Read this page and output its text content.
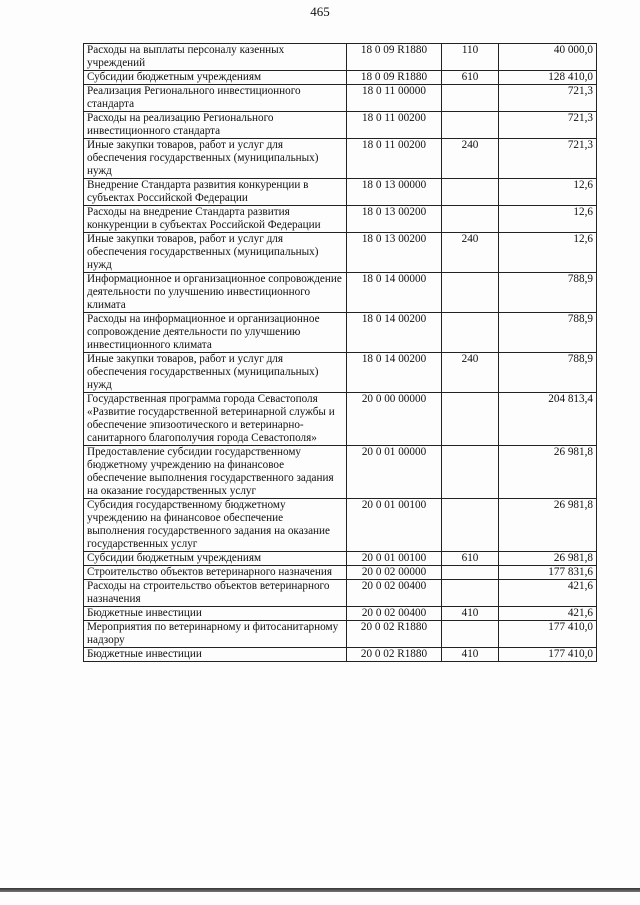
465
Расходы на выплаты персоналу казенных учреждений	18 0 09 R1880	110	40 000,0
Субсидии бюджетным учреждениям	18 0 09 R1880	610	128 410,0
Реализация Регионального инвестиционного стандарта	18 0 11 00000		721,3
Расходы на реализацию Регионального инвестиционного стандарта	18 0 11 00200		721,3
Иные закупки товаров, работ и услуг для обеспечения государственных (муниципальных) нужд	18 0 11 00200	240	721,3
Внедрение Стандарта развития конкуренции в субъектах Российской Федерации	18 0 13 00000		12,6
Расходы на внедрение Стандарта развития конкуренции в субъектах Российской Федерации	18 0 13 00200		12,6
Иные закупки товаров, работ и услуг для обеспечения государственных (муниципальных) нужд	18 0 13 00200	240	12,6
Информационное и организационное сопровождение деятельности по улучшению инвестиционного климата	18 0 14 00000		788,9
Расходы на информационное и организационное сопровождение деятельности по улучшению инвестиционного климата	18 0 14 00200		788,9
Иные закупки товаров, работ и услуг для обеспечения государственных (муниципальных) нужд	18 0 14 00200	240	788,9
Государственная программа города Севастополя «Развитие государственной ветеринарной службы и обеспечение эпизоотического и ветеринарно-санитарного благополучия города Севастополя»	20 0 00 00000		204 813,4
Предоставление субсидии государственному бюджетному учреждению на финансовое обеспечение выполнения государственного задания на оказание государственных услуг	20 0 01 00000		26 981,8
Субсидия государственному бюджетному учреждению на финансовое обеспечение выполнения государственного задания на оказание государственных услуг	20 0 01 00100		26 981,8
Субсидии бюджетным учреждениям	20 0 01 00100	610	26 981,8
Строительство объектов ветеринарного назначения	20 0 02 00000		177 831,6
Расходы на строительство объектов ветеринарного назначения	20 0 02 00400		421,6
Бюджетные инвестиции	20 0 02 00400	410	421,6
Мероприятия по ветеринарному и фитосанитарному надзору	20 0 02 R1880		177 410,0
Бюджетные инвестиции	20 0 02 R1880	410	177 410,0
